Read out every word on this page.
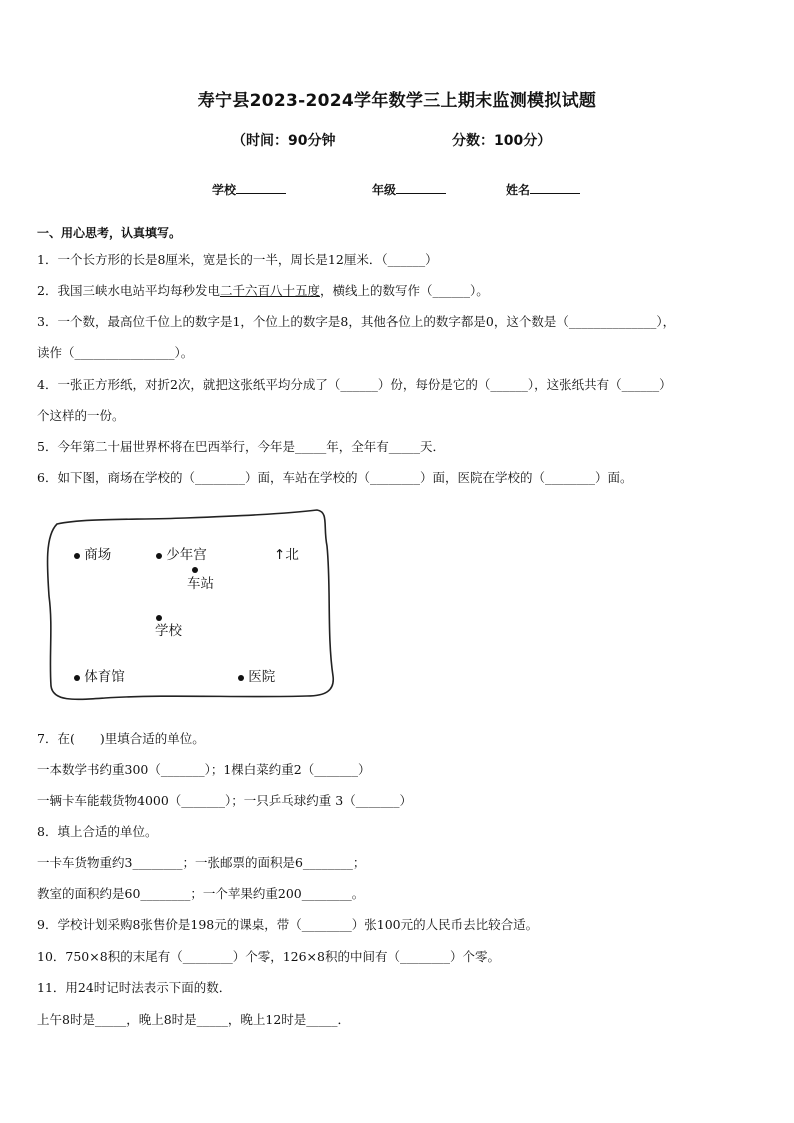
寿宁县2023-2024学年数学三上期末监测模拟试题
（时间：90分钟	分数：100分）
学校	年级	姓名
一、用心思考，认真填写。
1．一个长方形的长是8厘米，宽是长的一半，周长是12厘米．（______）
2．我国三峡水电站平均每秒发电二千六百八十五度，横线上的数写作（______）。
3．一个数，最高位千位上的数字是1，个位上的数字是8，其他各位上的数字都是0，这个数是（______________），
读作（________________）。
4．一张正方形纸，对折2次，就把这张纸平均分成了（______）份，每份是它的（______），这张纸共有（______）
个这样的一份。
5．今年第二十届世界杯将在巴西举行，今年是_____年，全年有_____天．
6．如下图，商场在学校的（________）面，车站在学校的（________）面，医院在学校的（________）面。
商场	少年宫
车站
↑北
学校
体育馆	医院
7．在(　　)里填合适的单位。
一本数学书约重300（_______）；1棵白菜约重2（_______）
一辆卡车能载货物4000（_______）；一只乒乓球约重 3（_______）
8．填上合适的单位。
一卡车货物重约3________；一张邮票的面积是6________；
教室的面积约是60________；一个苹果约重200________。
9．学校计划采购8张售价是198元的课桌，带（________）张100元的人民币去比较合适。
10．750×8积的末尾有（________）个零，126×8积的中间有（________）个零。
11．用24时记时法表示下面的数．
上午8时是_____，晚上8时是_____，晚上12时是_____．
